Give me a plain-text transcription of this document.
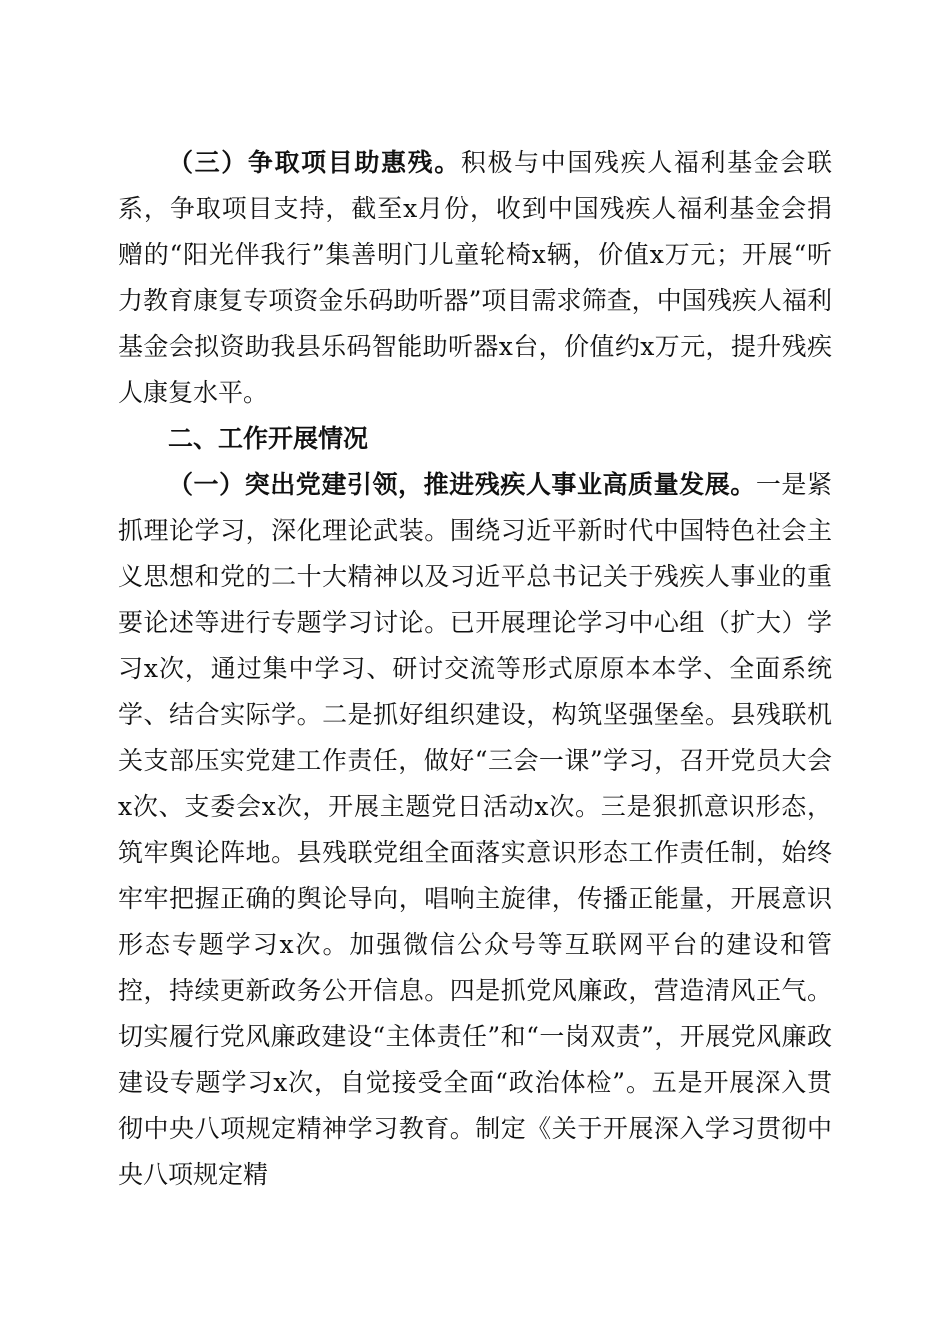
（三）争取项目助惠残。积极与中国残疾人福利基金会联系，争取项目支持，截至x月份，收到中国残疾人福利基金会捐赠的“阳光伴我行”集善明门儿童轮椅x辆，价值x万元；开展“听力教育康复专项资金乐码助听器”项目需求筛查，中国残疾人福利基金会拟资助我县乐码智能助听器x台，价值约x万元，提升残疾人康复水平。

二、工作开展情况

（一）突出党建引领，推进残疾人事业高质量发展。一是紧抓理论学习，深化理论武装。围绕习近平新时代中国特色社会主义思想和党的二十大精神以及习近平总书记关于残疾人事业的重要论述等进行专题学习讨论。已开展理论学习中心组（扩大）学习x次，通过集中学习、研讨交流等形式原原本本学、全面系统学、结合实际学。二是抓好组织建设，构筑坚强堡垒。县残联机关支部压实党建工作责任，做好“三会一课”学习，召开党员大会x次、支委会x次，开展主题党日活动x次。三是狠抓意识形态，筑牢舆论阵地。县残联党组全面落实意识形态工作责任制，始终牢牢把握正确的舆论导向，唱响主旋律，传播正能量，开展意识形态专题学习x次。加强微信公众号等互联网平台的建设和管控，持续更新政务公开信息。四是抓党风廉政，营造清风正气。切实履行党风廉政建设“主体责任”和“一岗双责”，开展党风廉政建设专题学习x次，自觉接受全面“政治体检”。五是开展深入贯彻中央八项规定精神学习教育。制定《关于开展深入学习贯彻中央八项规定精
